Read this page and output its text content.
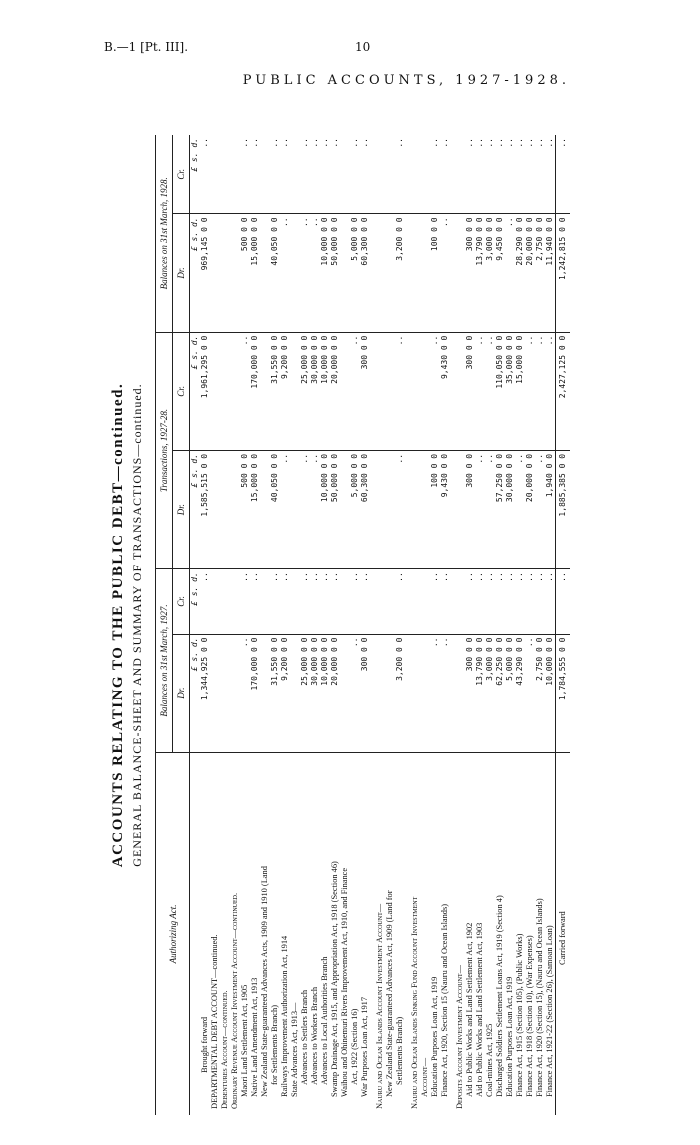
B.—1 [Pt. III].	10
PUBLIC ACCOUNTS, 1927-1928.
ACCOUNTS RELATING TO THE PUBLIC DEBT—continued. GENERAL BALANCE-SHEET AND SUMMARY OF TRANSACTIONS—continued.
Authorizing Act.	Balances on 31st March, 1927.		Transactions, 1927-28.		Balances on 31st March, 1928.	
	Dr.	Cr.	Dr.	Cr.	Dr.	Cr.
	£ s. d.	£ s. d.	£ s. d.	£ s. d.	£ s. d.	£ s. d.
Brought forward	1,344,925 0 0	..	1,585,515 0 0	1,961,295 0 0	969,145 0 0	..
DEPARTMENTAL DEBT ACCOUNT—continued.						
Debentures Account—continued.						
Ordinary Revenue Account Investment Account—continued.						
Maori Land Settlement Act, 1905	..	..	500 0 0	..	500 0 0	..
Native Land Amendment Act, 1913	170,000 0 0	..	15,000 0 0	170,000 0 0	15,000 0 0	..
New Zealand State-guaranteed Advances Acts, 1909 and 1910 (Land						
for Settlements Branch)	31,550 0 0	..	40,050 0 0	31,550 0 0	40,050 0 0	..
Railways Improvement Authorization Act, 1914	9,200 0 0	..	..	9,200 0 0	..	..
State Advances Act, 1913—						
Advances to Settlers Branch	25,000 0 0	..	..	25,000 0 0	..	..
Advances to Workers Branch	30,000 0 0	..	..	30,000 0 0	..	..
Advances to Local Authorities Branch	10,000 0 0	..	10,000 0 0	10,000 0 0	10,000 0 0	..
Swamp Drainage Act, 1915, and Appropriation Act, 1918 (Section 46)	20,000 0 0	..	50,000 0 0	20,000 0 0	50,000 0 0	..
Waihou and Ohinemuri Rivers Improvement Act, 1910, and Finance						
Act, 1922 (Section 16)	..	..	5,000 0 0	..	5,000 0 0	..
War Purposes Loan Act, 1917	300 0 0	..	60,300 0 0	300 0 0	60,300 0 0	..

Nauru and Ocean Islands Account Investment Account—						
New Zealand State-guaranteed Advances Act, 1909 (Land for						
Settlements Branch)	3,200 0 0	..	..	..	3,200 0 0	..

Nauru and Ocean Islands Sinking Fund Account Investment						
Account—						
Education Purposes Loan Act, 1919	..	..	100 0 0	..	100 0 0	..
Finance Act, 1920, Section 15 (Nauru and Ocean Islands)	..	..	9,430 0 0	9,430 0 0	..	..

Deposits Account Investment Account—						
Aid to Public Works and Land Settlement Act, 1902	300 0 0	..	300 0 0	300 0 0	300 0 0	..
Aid to Public Works and Land Settlement Act, 1903	13,790 0 0	..	..	..	13,790 0 0	..
Coal-mines Act, 1925	3,000 0 0	..	..	..	3,000 0 0	..
Discharged Soldiers Settlement Loans Act, 1919 (Section 4)	62,250 0 0	..	57,250 0 0	110,050 0 0	9,450 0 0	..
Education Purposes Loan Act, 1919	5,000 0 0	..	30,000 0 0	35,000 0 0	..	..
Finance Act, 1915 (Section 105), (Public Works)	43,290 0 0	..	..	15,000 0 0	28,290 0 0	..
Finance Act, 1918 (Section 10), (War Expenses)	..	..	20,000 0 0	..	20,000 0 0	..
Finance Act, 1920 (Section 15), (Nauru and Ocean Islands)	2,750 0 0	..	..	..	2,750 0 0	..
Finance Act, 1921-22 (Section 26), (Samoan Loan)	10,000 0 0	..	1,940 0 0	..	11,940 0 0	..
Carried forward	1,784,555 0 0	..	1,885,385 0 0	2,427,125 0 0	1,242,815 0 0	..
